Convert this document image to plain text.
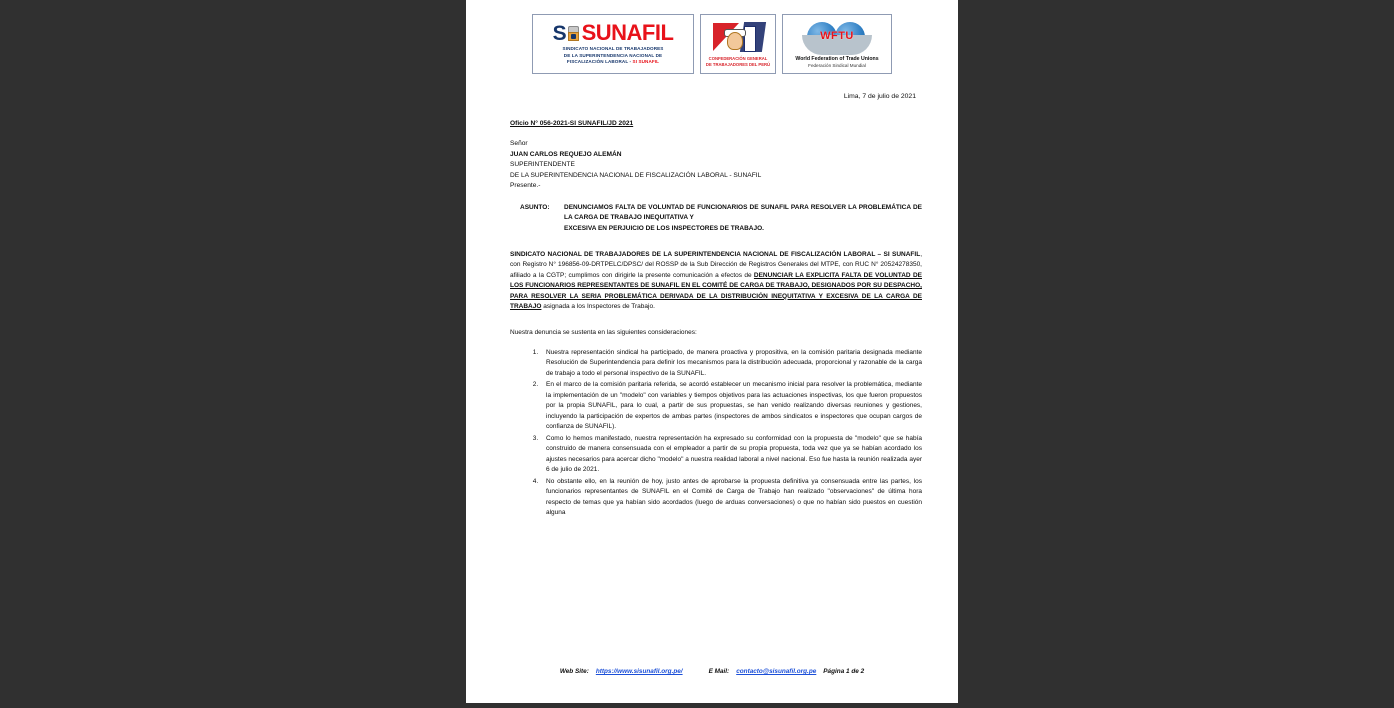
S SUNAFIL
SINDICATO NACIONAL DE TRABAJADORES
DE LA SUPERINTENDENCIA NACIONAL DE
FISCALIZACIÓN LABORAL - SI SUNAFIL
CONFEDERACIÓN GENERAL
DE TRABAJADORES DEL PERÚ
WFTU
World Federation of Trade Unions
Federación Sindical Mundial
Lima, 7 de julio de 2021
Oficio N° 056-2021-SI SUNAFIL/JD 2021
Señor
JUAN CARLOS REQUEJO ALEMÁN
SUPERINTENDENTE
DE LA SUPERINTENDENCIA NACIONAL DE FISCALIZACIÓN LABORAL - SUNAFIL
Presente.-
ASUNTO:	DENUNCIAMOS FALTA DE VOLUNTAD DE FUNCIONARIOS DE SUNAFIL PARA RESOLVER LA PROBLEMÁTICA DE LA CARGA DE TRABAJO INEQUITATIVA Y
EXCESIVA EN PERJUICIO DE LOS INSPECTORES DE TRABAJO.
SINDICATO NACIONAL DE TRABAJADORES DE LA SUPERINTENDENCIA NACIONAL DE FISCALIZACIÓN LABORAL – SI SUNAFIL, con Registro N° 196856-09-DRTPELC/DPSC/ del ROSSP de la Sub Dirección de Registros Generales del MTPE, con RUC N° 20524278350, afiliado a la CGTP; cumplimos con dirigirle la presente comunicación a efectos de DENUNCIAR LA EXPLICITA FALTA DE VOLUNTAD DE LOS FUNCIONARIOS REPRESENTANTES DE SUNAFIL EN EL COMITÉ DE CARGA DE TRABAJO, DESIGNADOS POR SU DESPACHO, PARA RESOLVER LA SERIA PROBLEMÁTICA DERIVADA DE LA DISTRIBUCIÓN INEQUITATIVA Y EXCESIVA DE LA CARGA DE TRABAJO asignada a los Inspectores de Trabajo.
Nuestra denuncia se sustenta en las siguientes consideraciones:
1. Nuestra representación sindical ha participado, de manera proactiva y propositiva, en la comisión paritaria designada mediante Resolución de Superintendencia para definir los mecanismos para la distribución adecuada, proporcional y razonable de la carga de trabajo a todo el personal inspectivo de la SUNAFIL.
2. En el marco de la comisión paritaria referida, se acordó establecer un mecanismo inicial para resolver la problemática, mediante la implementación de un "modelo" con variables y tiempos objetivos para las actuaciones inspectivas, los que fueron propuestos por la propia SUNAFIL, para lo cual, a partir de sus propuestas, se han venido realizando diversas reuniones y gestiones, incluyendo la participación de expertos de ambas partes (inspectores de ambos sindicatos e inspectores que ocupan cargos de confianza de SUNAFIL).
3. Como lo hemos manifestado, nuestra representación ha expresado su conformidad con la propuesta de "modelo" que se había construido de manera consensuada con el empleador a partir de su propia propuesta, toda vez que ya se habían acordado los ajustes necesarios para acercar dicho "modelo" a nuestra realidad laboral a nivel nacional. Eso fue hasta la reunión realizada ayer 6 de julio de 2021.
4. No obstante ello, en la reunión de hoy, justo antes de aprobarse la propuesta definitiva ya consensuada entre las partes, los funcionarios representantes de SUNAFIL en el Comité de Carga de Trabajo han realizado "observaciones" de última hora respecto de temas que ya habían sido acordados (luego de arduas conversaciones) o que no habían sido puestos en cuestión alguna
Web Site: https://www.sisunafil.org.pe/	E Mail: contacto@sisunafil.org.pe Página 1 de 2
